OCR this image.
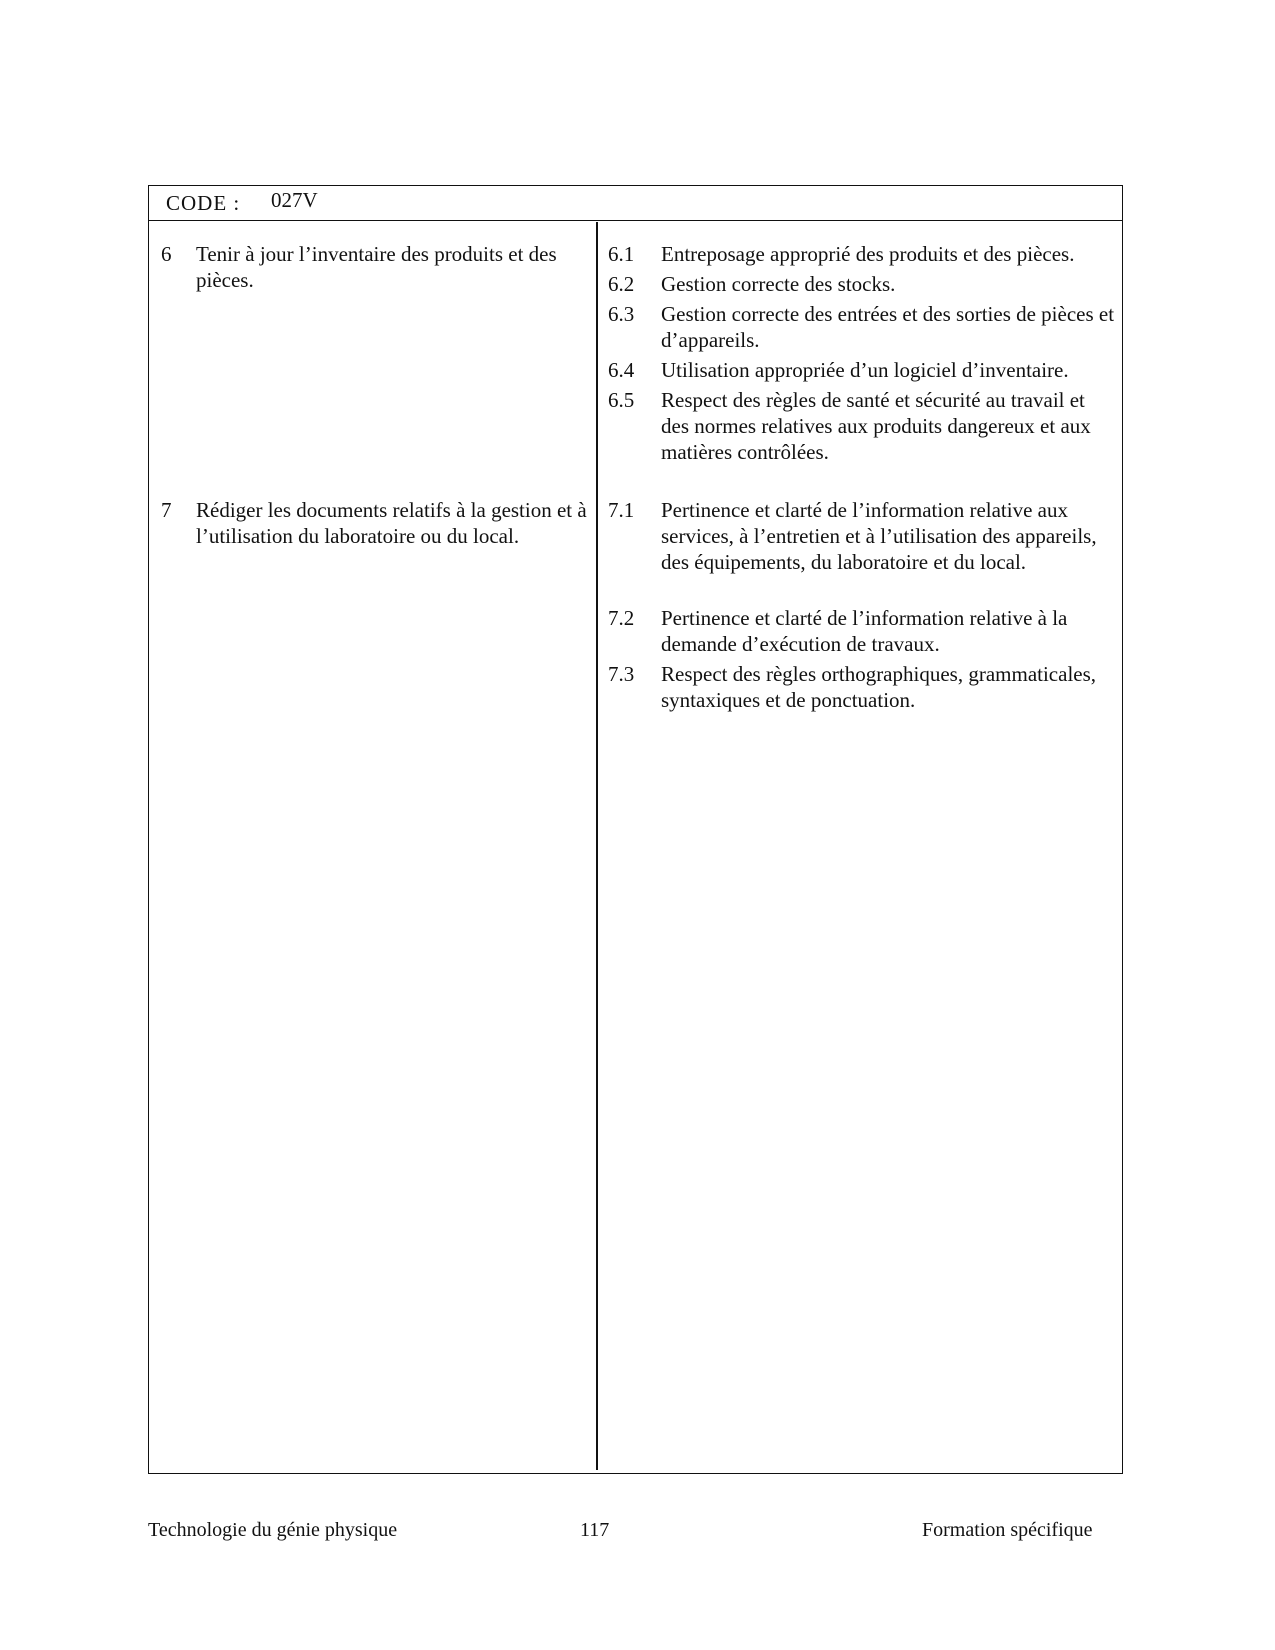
CODE : 027V
6 Tenir à jour l’inventaire des produits et des pièces.
7 Rédiger les documents relatifs à la gestion et à l’utilisation du laboratoire ou du local.
6.1 Entreposage approprié des produits et des pièces.
6.2 Gestion correcte des stocks.
6.3 Gestion correcte des entrées et des sorties de pièces et d’appareils.
6.4 Utilisation appropriée d’un logiciel d’inventaire.
6.5 Respect des règles de santé et sécurité au travail et des normes relatives aux produits dangereux et aux matières contrôlées.
7.1 Pertinence et clarté de l’information relative aux services, à l’entretien et à l’utilisation des appareils, des équipements, du laboratoire et du local.
7.2 Pertinence et clarté de l’information relative à la demande d’exécution de travaux.
7.3 Respect des règles orthographiques, grammaticales, syntaxiques et de ponctuation.
Technologie du génie physique	117	Formation spécifique
